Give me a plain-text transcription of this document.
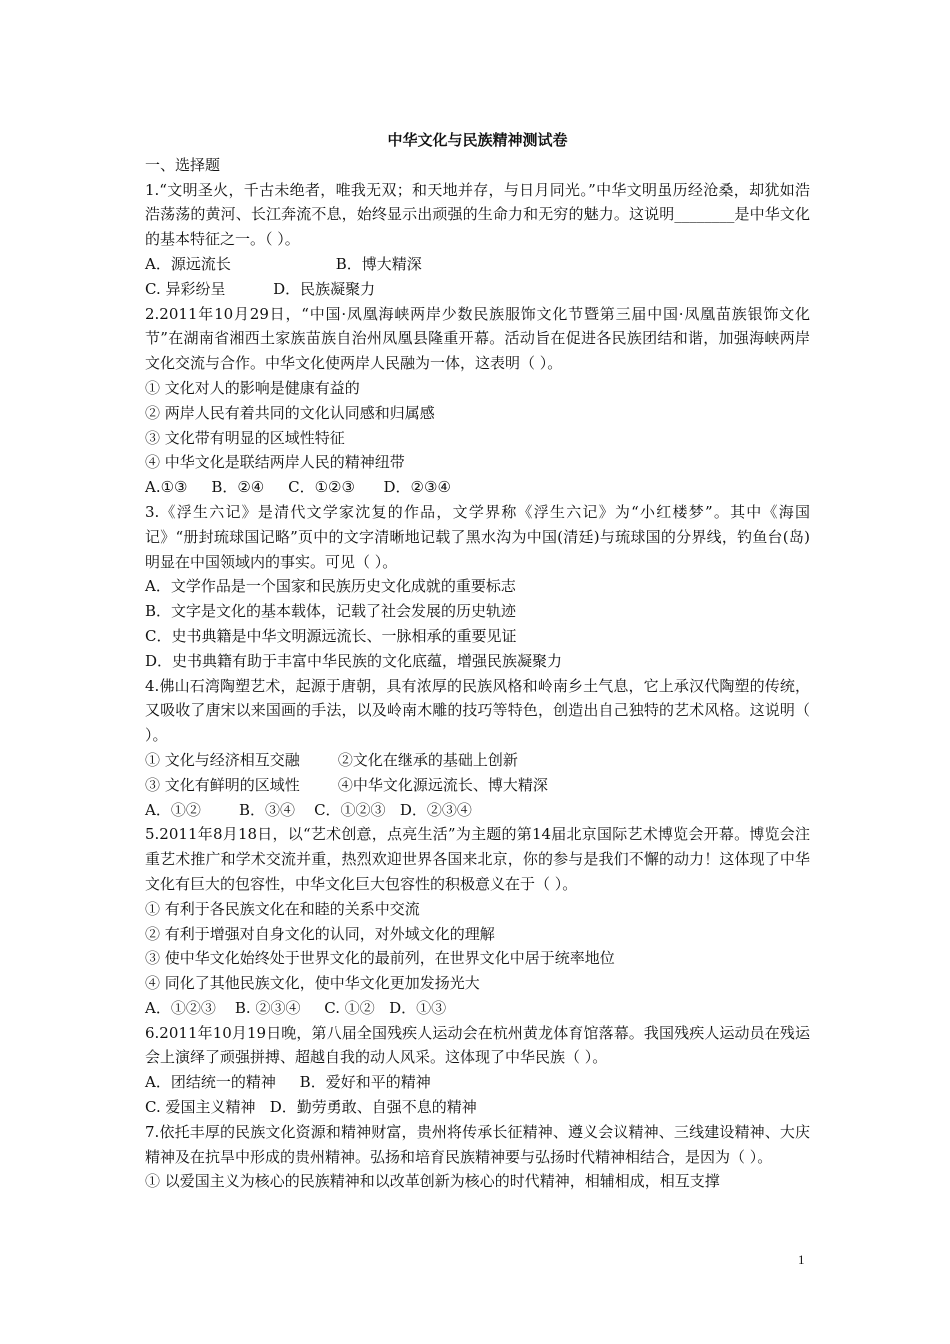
中华文化与民族精神测试卷
一、选择题
1.“文明圣火，千古未绝者，唯我无双；和天地并存，与日月同光。”中华文明虽历经沧桑，却犹如浩浩荡荡的黄河、长江奔流不息，始终显示出顽强的生命力和无穷的魅力。这说明________是中华文化的基本特征之一。（ ）。
A．源远流长                      B．博大精深
C. 异彩纷呈          D．民族凝聚力
2.2011年10月29日，“中国·凤凰海峡两岸少数民族服饰文化节暨第三届中国·凤凰苗族银饰文化节”在湖南省湘西土家族苗族自治州凤凰县隆重开幕。活动旨在促进各民族团结和谐，加强海峡两岸文化交流与合作。中华文化使两岸人民融为一体，这表明（ ）。
① 文化对人的影响是健康有益的
② 两岸人民有着共同的文化认同感和归属感
③ 文化带有明显的区域性特征
④ 中华文化是联结两岸人民的精神纽带
A.①③     B．②④     C．①②③      D．②③④
3.《浮生六记》是清代文学家沈复的作品，文学界称《浮生六记》为“小红楼梦”。其中《海国记》“册封琉球国记略”页中的文字清晰地记载了黑水沟为中国(清廷)与琉球国的分界线，钓鱼台(岛)明显在中国领域内的事实。可见（ ）。
A．文学作品是一个国家和民族历史文化成就的重要标志
B．文字是文化的基本载体，记载了社会发展的历史轨迹
C．史书典籍是中华文明源远流长、一脉相承的重要见证
D．史书典籍有助于丰富中华民族的文化底蕴，增强民族凝聚力
4.佛山石湾陶塑艺术，起源于唐朝，具有浓厚的民族风格和岭南乡土气息，它上承汉代陶塑的传统，又吸收了唐宋以来国画的手法，以及岭南木雕的技巧等特色，创造出自己独特的艺术风格。这说明（ ）。
① 文化与经济相互交融        ②文化在继承的基础上创新
③ 文化有鲜明的区域性        ④中华文化源远流长、博大精深
A．①②        B．③④    C．①②③   D．②③④
5.2011年8月18日，以“艺术创意，点亮生活”为主题的第14届北京国际艺术博览会开幕。博览会注重艺术推广和学术交流并重，热烈欢迎世界各国来北京，你的参与是我们不懈的动力！这体现了中华文化有巨大的包容性，中华文化巨大包容性的积极意义在于（ ）。
① 有利于各民族文化在和睦的关系中交流
② 有利于增强对自身文化的认同，对外域文化的理解
③ 使中华文化始终处于世界文化的最前列，在世界文化中居于统率地位
④ 同化了其他民族文化，使中华文化更加发扬光大
A．①②③    B. ②③④     C. ①②   D．①③
6.2011年10月19日晚，第八届全国残疾人运动会在杭州黄龙体育馆落幕。我国残疾人运动员在残运会上演绎了顽强拼搏、超越自我的动人风采。这体现了中华民族（ ）。
A．团结统一的精神     B．爱好和平的精神
C. 爱国主义精神   D．勤劳勇敢、自强不息的精神
7.依托丰厚的民族文化资源和精神财富，贵州将传承长征精神、遵义会议精神、三线建设精神、大庆精神及在抗旱中形成的贵州精神。弘扬和培育民族精神要与弘扬时代精神相结合，是因为（ ）。
① 以爱国主义为核心的民族精神和以改革创新为核心的时代精神，相辅相成，相互支撑
1
